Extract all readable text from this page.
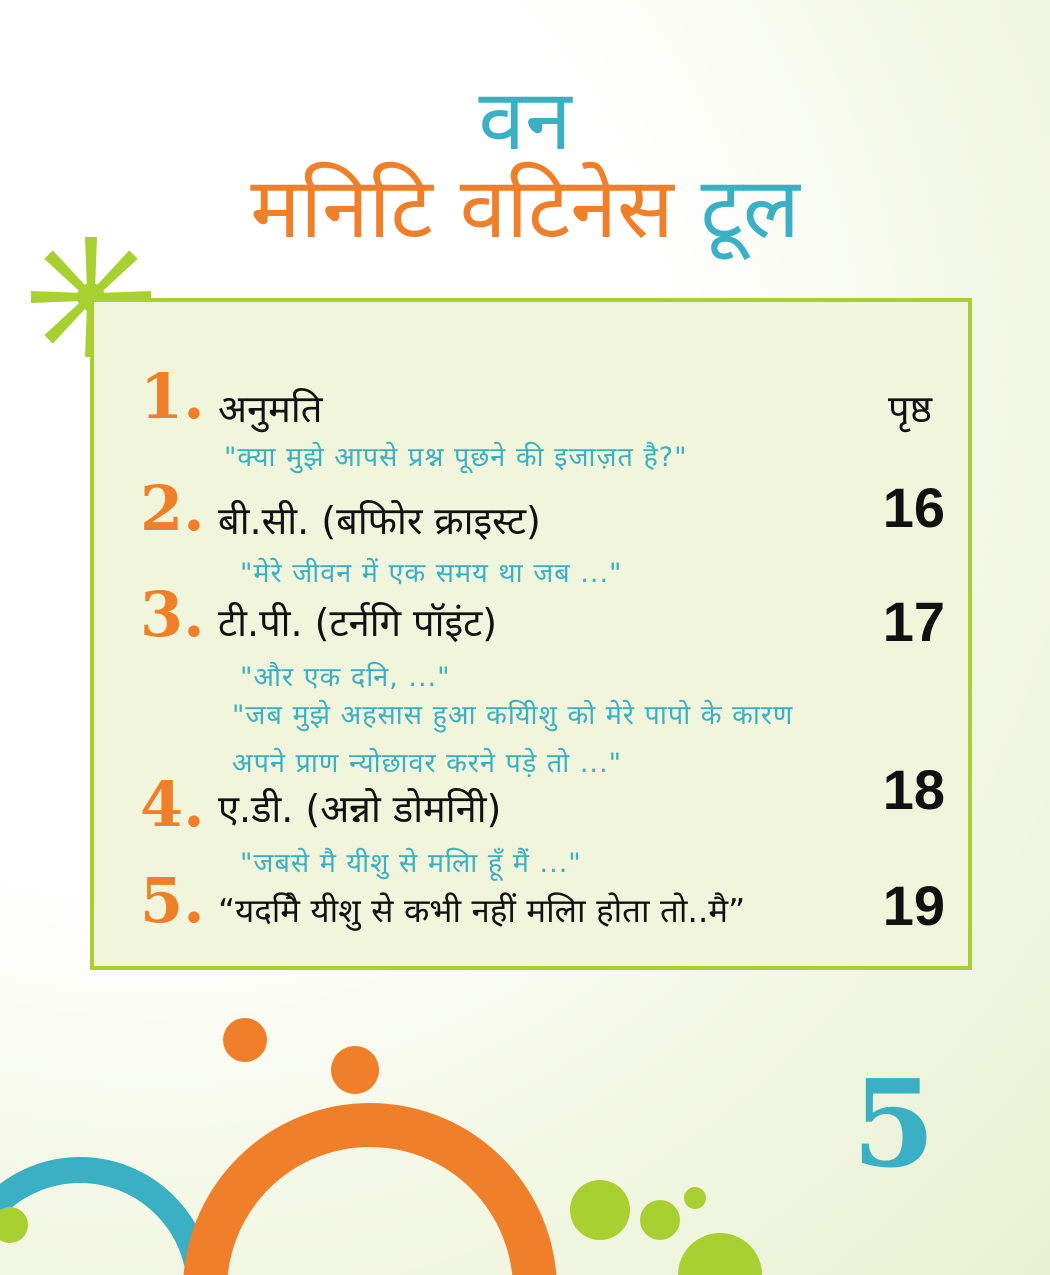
वन
मनिटि वटिनेस टूल
1. अनुमति	पृष्ठ
"क्या मुझे आपसे प्रश्न पूछने की इजाज़त है?"
2. बी.सी. (बफिोर क्राइस्ट)	16
"मेरे जीवन में एक समय था जब ..."
3. टी.पी. (टर्नगि पॉइंट)	17
"और एक दनि, ..."
"जब मुझे अहसास हुआ कयिीशु को मेरे पापो के कारण
अपने प्राण न्योछावर करने पड़े तो ..."
4. ए.डी. (अन्नो डोमनिी)	18
"जबसे मै यीशु से मलिा हूँ मैं ..."
5. “यदमिै यीशु से कभी नहीं मलिा होता तो..मै” 19
5
